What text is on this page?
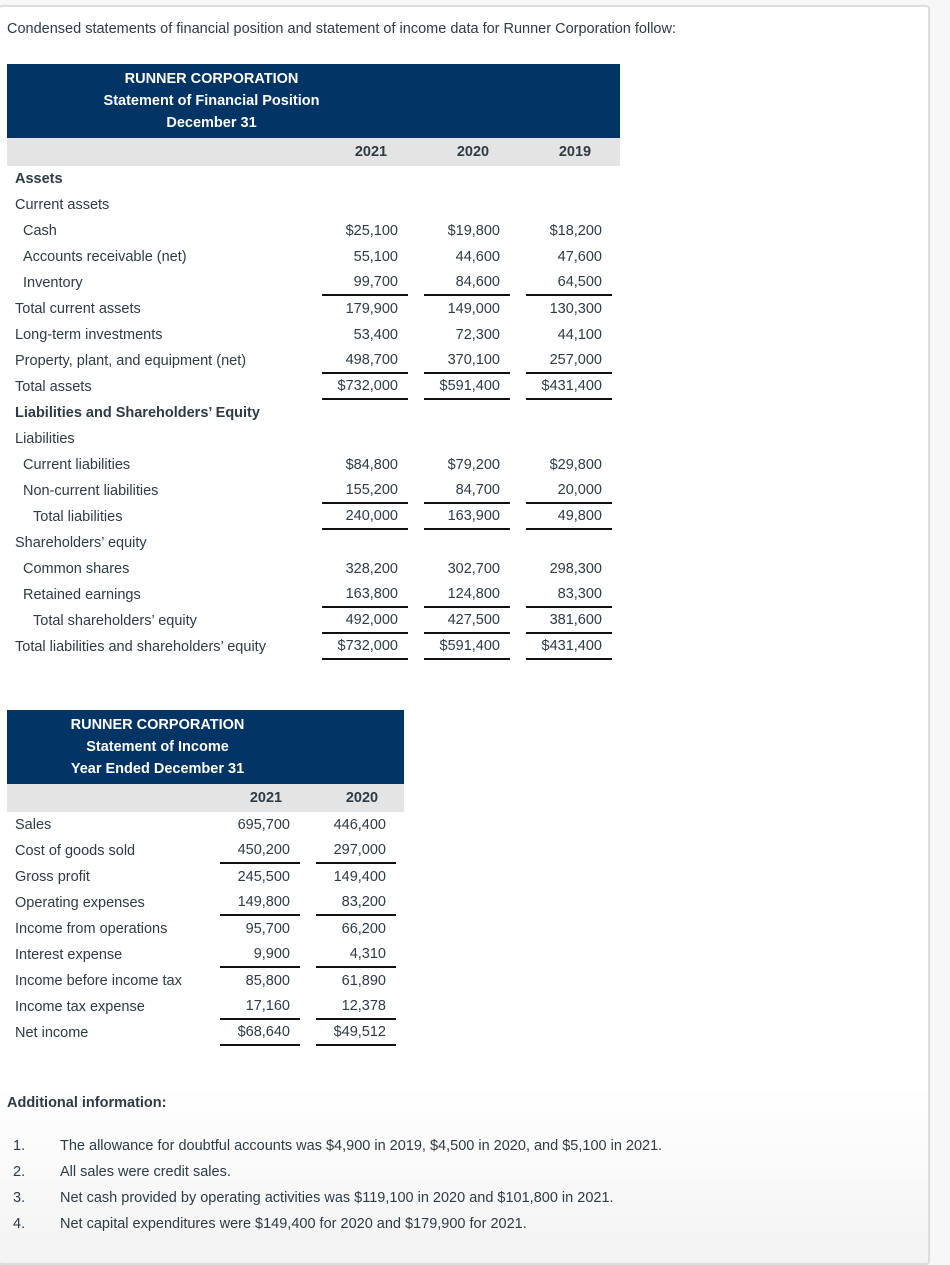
Condensed statements of financial position and statement of income data for Runner Corporation follow:

RUNNER CORPORATION			
Statement of Financial Position			
December 31			
	2021	2020	2019
Assets	

Current assets	

Cash	$25,100	$19,800	$18,200

Accounts receivable (net)	55,100	44,600	47,600

Inventory	99,700	84,600	64,500

Total current assets	179,900	149,000	130,300

Long-term investments	53,400	72,300	44,100

Property, plant, and equipment (net)	498,700	370,100	257,000

Total assets	$732,000	$591,400	$431,400

Liabilities and Shareholders’ Equity	

Liabilities	

Current liabilities	$84,800	$79,200	$29,800

Non-current liabilities	155,200	84,700	20,000

Total liabilities	240,000	163,900	49,800

Shareholders’ equity	

Common shares	328,200	302,700	298,300

Retained earnings	163,800	124,800	83,300

Total shareholders’ equity	492,000	427,500	381,600

Total liabilities and shareholders’ equity	$732,000	$591,400	$431,400
RUNNER CORPORATION		
Statement of Income		
Year Ended December 31		
	2021	2020
Sales	695,700	446,400

Cost of goods sold	450,200	297,000

Gross profit	245,500	149,400

Operating expenses	149,800	83,200

Income from operations	95,700	66,200

Interest expense	9,900	4,310

Income before income tax	85,800	61,890

Income tax expense	17,160	12,378

Net income	$68,640	$49,512
Additional information:
1.	The allowance for doubtful accounts was $4,900 in 2019, $4,500 in 2020, and $5,100 in 2021.
2.	All sales were credit sales.
3.	Net cash provided by operating activities was $119,100 in 2020 and $101,800 in 2021.
4.	Net capital expenditures were $149,400 for 2020 and $179,900 for 2021.
